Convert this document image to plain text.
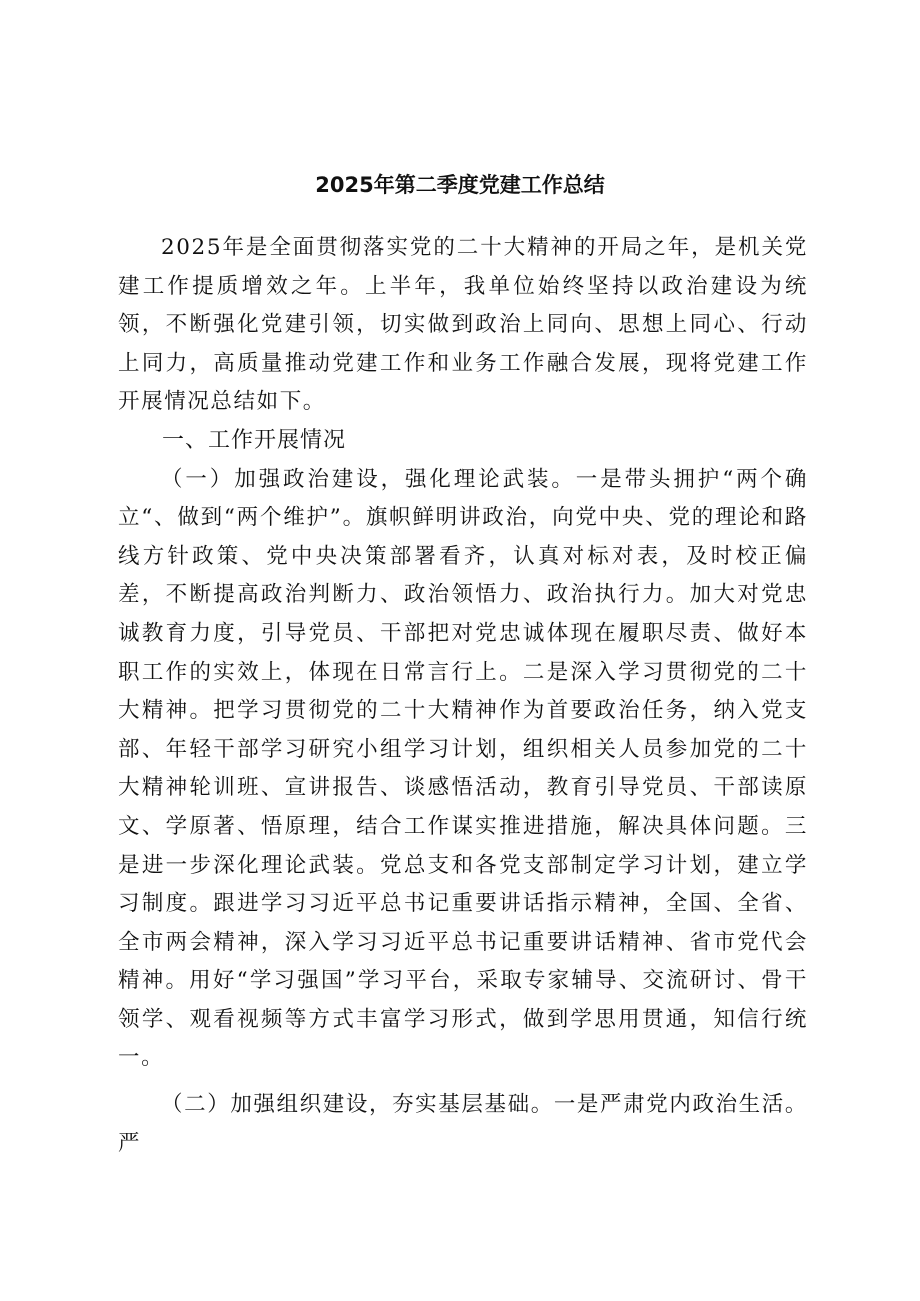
2025年第二季度党建工作总结

2025年是全面贯彻落实党的二十大精神的开局之年，是机关党建工作提质增效之年。上半年，我单位始终坚持以政治建设为统领，不断强化党建引领，切实做到政治上同向、思想上同心、行动上同力，高质量推动党建工作和业务工作融合发展，现将党建工作开展情况总结如下。

一、工作开展情况

（一）加强政治建设，强化理论武装。一是带头拥护“两个确立“、做到“两个维护”。旗帜鲜明讲政治，向党中央、党的理论和路线方针政策、党中央决策部署看齐，认真对标对表，及时校正偏差，不断提高政治判断力、政治领悟力、政治执行力。加大对党忠诚教育力度，引导党员、干部把对党忠诚体现在履职尽责、做好本职工作的实效上，体现在日常言行上。二是深入学习贯彻党的二十大精神。把学习贯彻党的二十大精神作为首要政治任务，纳入党支部、年轻干部学习研究小组学习计划，组织相关人员参加党的二十大精神轮训班、宣讲报告、谈感悟活动，教育引导党员、干部读原文、学原著、悟原理，结合工作谋实推进措施，解决具体问题。三是进一步深化理论武装。党总支和各党支部制定学习计划，建立学习制度。跟进学习习近平总书记重要讲话指示精神，全国、全省、全市两会精神，深入学习习近平总书记重要讲话精神、省市党代会精神。用好“学习强国”学习平台，采取专家辅导、交流研讨、骨干领学、观看视频等方式丰富学习形式，做到学思用贯通，知信行统一。

（二）加强组织建设，夯实基层基础。一是严肃党内政治生活。严
